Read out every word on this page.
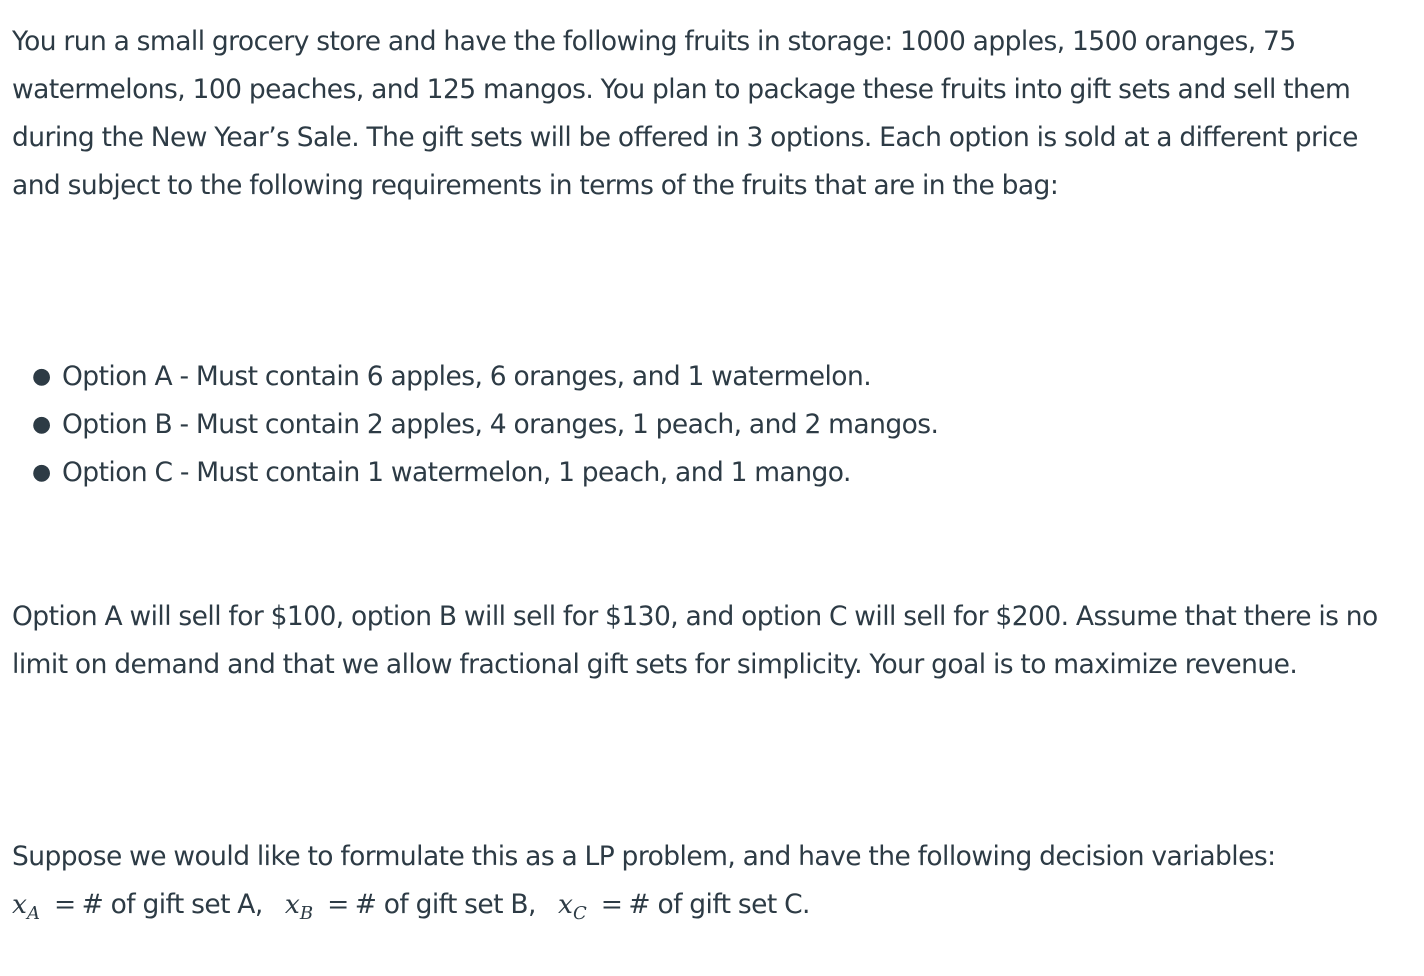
You run a small grocery store and have the following fruits in storage: 1000 apples, 1500 oranges, 75 watermelons, 100 peaches, and 125 mangos. You plan to package these fruits into gift sets and sell them during the New Year’s Sale. The gift sets will be offered in 3 options. Each option is sold at a different price and subject to the following requirements in terms of the fruits that are in the bag:

● Option A - Must contain 6 apples, 6 oranges, and 1 watermelon.
● Option B - Must contain 2 apples, 4 oranges, 1 peach, and 2 mangos.
● Option C - Must contain 1 watermelon, 1 peach, and 1 mango.

Option A will sell for $100, option B will sell for $130, and option C will sell for $200. Assume that there is no limit on demand and that we allow fractional gift sets for simplicity. Your goal is to maximize revenue.

Suppose we would like to formulate this as a LP problem, and have the following decision variables:
$x_A$ = # of gift set A, $x_B$ = # of gift set B, $x_C$ = # of gift set C.
